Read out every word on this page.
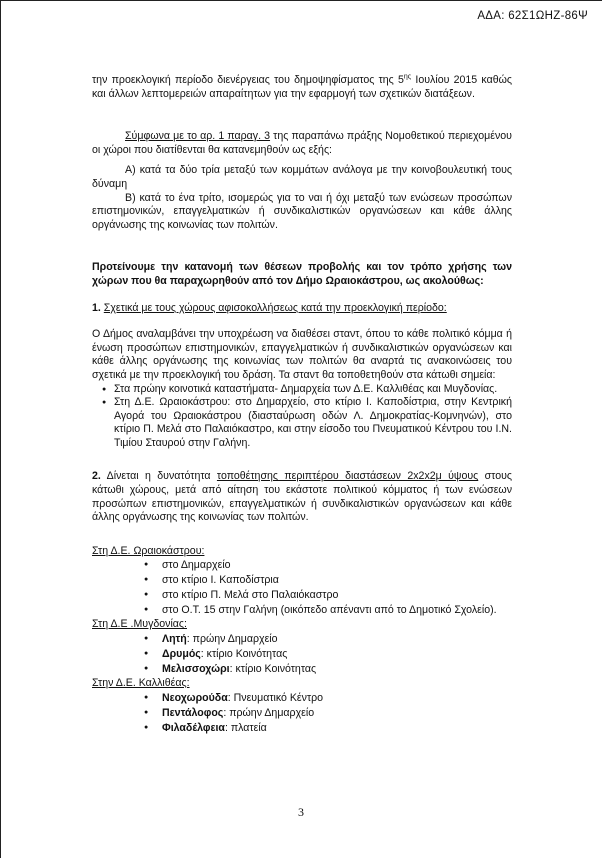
ΑΔΑ: 62Σ1ΩΗΖ-86Ψ

την προεκλογική περίοδο διενέργειας του δημοψηφίσματος της $5^{\eta\varsigma}$ Ιουλίου 2015 καθώς και άλλων λεπτομερειών απαραίτητων για την εφαρμογή των σχετικών διατάξεων.

Σύμφωνα με το αρ. 1 παραγ. 3 της παραπάνω πράξης Νομοθετικού περιεχομένου οι χώροι που διατίθενται θα κατανεμηθούν ως εξής:

Α) κατά τα δύο τρία μεταξύ των κομμάτων ανάλογα με την κοινοβουλευτική τους δύναμη

Β) κατά το ένα τρίτο, ισομερώς για το ναι ή όχι μεταξύ των ενώσεων προσώπων επιστημονικών, επαγγελματικών ή συνδικαλιστικών οργανώσεων και κάθε άλλης οργάνωσης της κοινωνίας των πολιτών.

Προτείνουμε την κατανομή των θέσεων προβολής και τον τρόπο χρήσης των χώρων που θα παραχωρηθούν από τον Δήμο Ωραιοκάστρου, ως ακολούθως:

1. Σχετικά με τους χώρους αφισοκολλήσεως κατά την προεκλογική περίοδο:

Ο Δήμος αναλαμβάνει την υποχρέωση να διαθέσει σταντ, όπου το κάθε πολιτικό κόμμα ή ένωση προσώπων επιστημονικών, επαγγελματικών ή συνδικαλιστικών οργανώσεων και κάθε άλλης οργάνωσης της κοινωνίας των πολιτών θα αναρτά τις ανακοινώσεις του σχετικά με την προεκλογική του δράση. Τα σταντ θα τοποθετηθούν στα κάτωθι σημεία:

● Στα πρώην κοινοτικά καταστήματα- Δημαρχεία των Δ.Ε. Καλλιθέας και Μυγδονίας.
● Στη Δ.Ε. Ωραιοκάστρου: στο Δημαρχείο, στο κτίριο Ι. Καποδίστρια, στην Κεντρική Αγορά του Ωραιοκάστρου (διασταύρωση οδών Λ. Δημοκρατίας-Κομνηνών), στο κτίριο Π. Μελά στο Παλαιόκαστρο, και στην είσοδο του Πνευματικού Κέντρου του Ι.Ν. Τιμίου Σταυρού στην Γαλήνη.

2. Δίνεται η δυνατότητα τοποθέτησης περιπτέρου διαστάσεων 2x2x2μ ύψους στους κάτωθι χώρους, μετά από αίτηση του εκάστοτε πολιτικού κόμματος ή των ενώσεων προσώπων επιστημονικών, επαγγελματικών ή συνδικαλιστικών οργανώσεων και κάθε άλλης οργάνωσης της κοινωνίας των πολιτών.

Στη Δ.Ε. Ωραιοκάστρου:

● στο Δημαρχείο
● στο κτίριο Ι. Καποδίστρια
● στο κτίριο Π. Μελά στο Παλαιόκαστρο
● στο Ο.Τ. 15 στην Γαλήνη (οικόπεδο απέναντι από το Δημοτικό Σχολείο).

Στη Δ.Ε .Μυγδονίας:

● Λητή: πρώην Δημαρχείο
● Δρυμός: κτίριο Κοινότητας
● Μελισσοχώρι: κτίριο Κοινότητας

Στην Δ.Ε. Καλλιθέας:

● Νεοχωρούδα: Πνευματικό Κέντρο
● Πεντάλοφος: πρώην Δημαρχείο
● Φιλαδέλφεια: πλατεία
3
